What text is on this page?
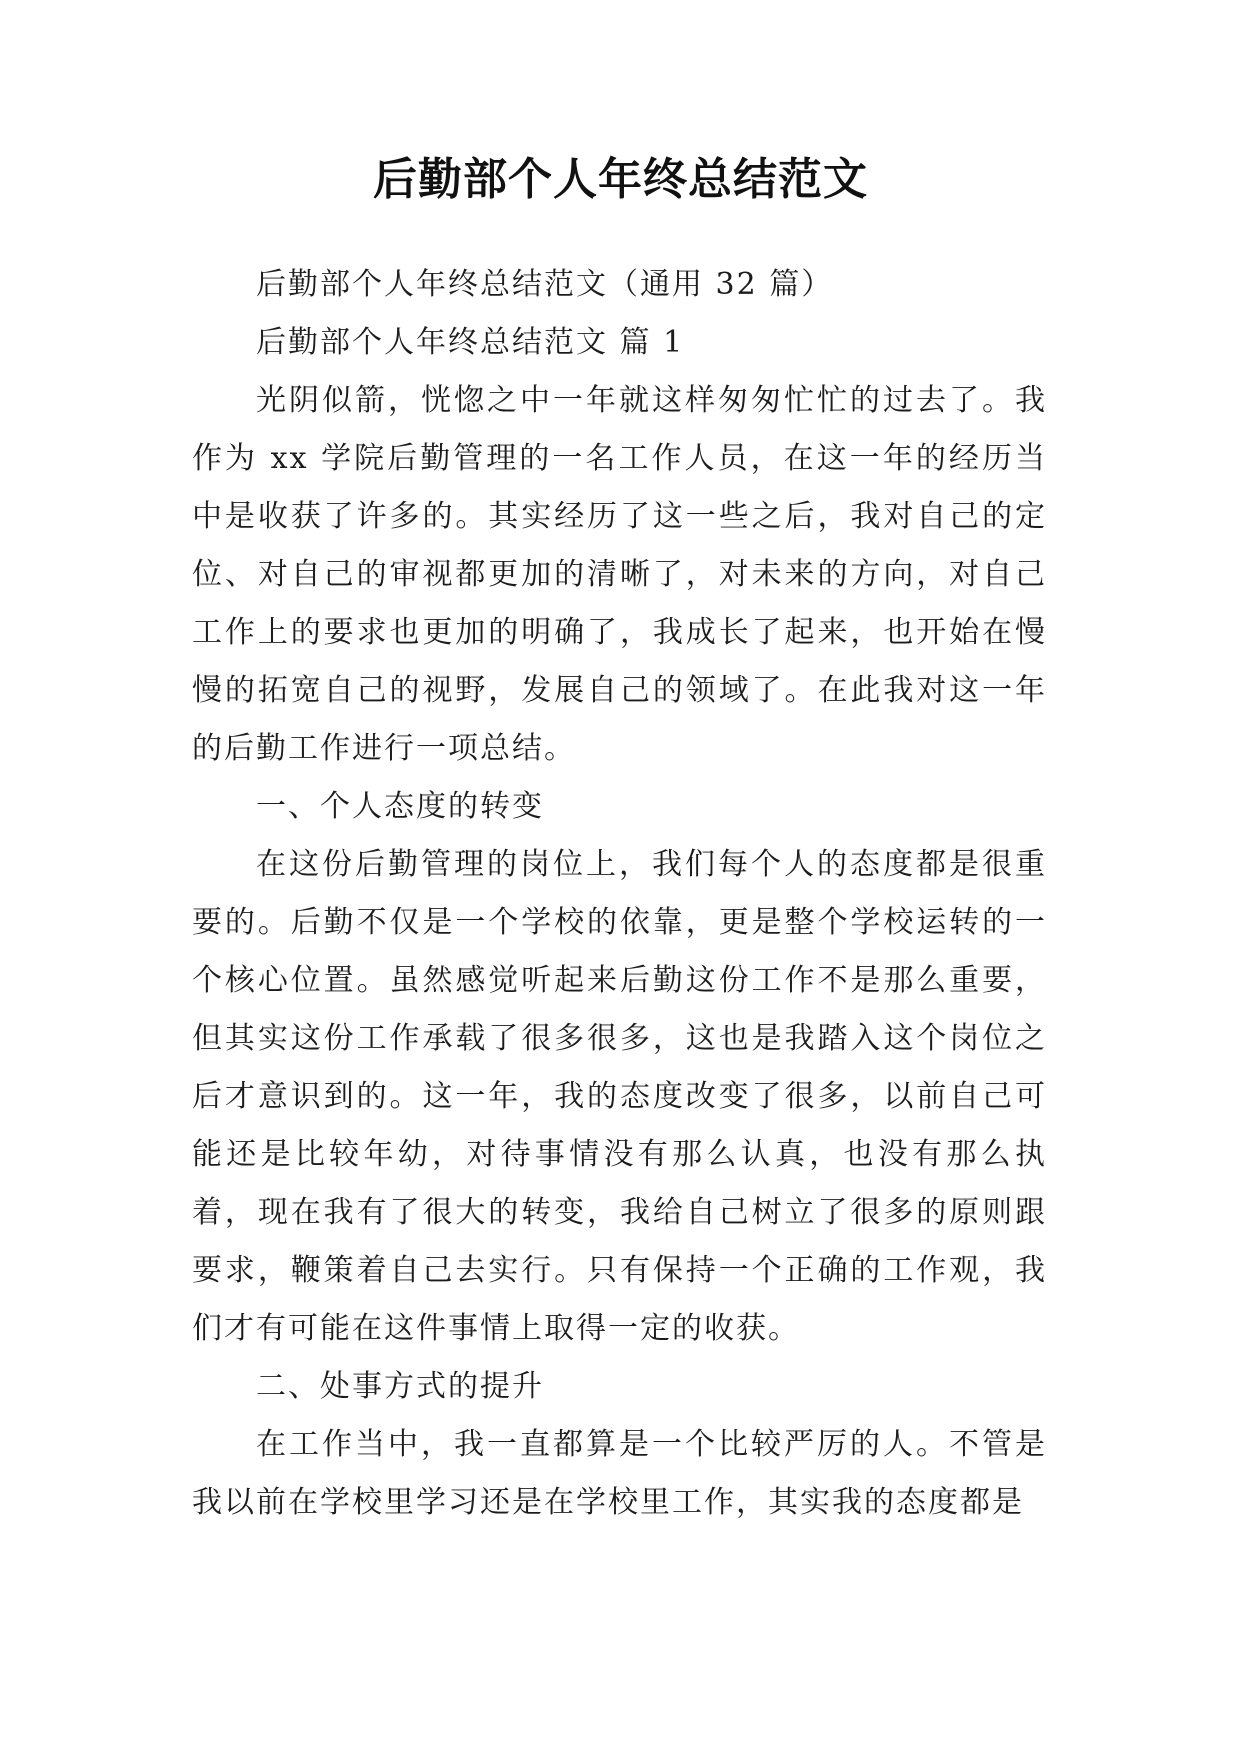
后勤部个人年终总结范文

后勤部个人年终总结范文（通用 32 篇）

后勤部个人年终总结范文 篇 1

光阴似箭，恍惚之中一年就这样匆匆忙忙的过去了。我作为 xx 学院后勤管理的一名工作人员，在这一年的经历当中是收获了许多的。其实经历了这一些之后，我对自己的定位、对自己的审视都更加的清晰了，对未来的方向，对自己工作上的要求也更加的明确了，我成长了起来，也开始在慢慢的拓宽自己的视野，发展自己的领域了。在此我对这一年的后勤工作进行一项总结。

一、个人态度的转变

在这份后勤管理的岗位上，我们每个人的态度都是很重要的。后勤不仅是一个学校的依靠，更是整个学校运转的一个核心位置。虽然感觉听起来后勤这份工作不是那么重要，但其实这份工作承载了很多很多，这也是我踏入这个岗位之后才意识到的。这一年，我的态度改变了很多，以前自己可能还是比较年幼，对待事情没有那么认真，也没有那么执着，现在我有了很大的转变，我给自己树立了很多的原则跟要求，鞭策着自己去实行。只有保持一个正确的工作观，我们才有可能在这件事情上取得一定的收获。

二、处事方式的提升

在工作当中，我一直都算是一个比较严厉的人。不管是我以前在学校里学习还是在学校里工作，其实我的态度都是
